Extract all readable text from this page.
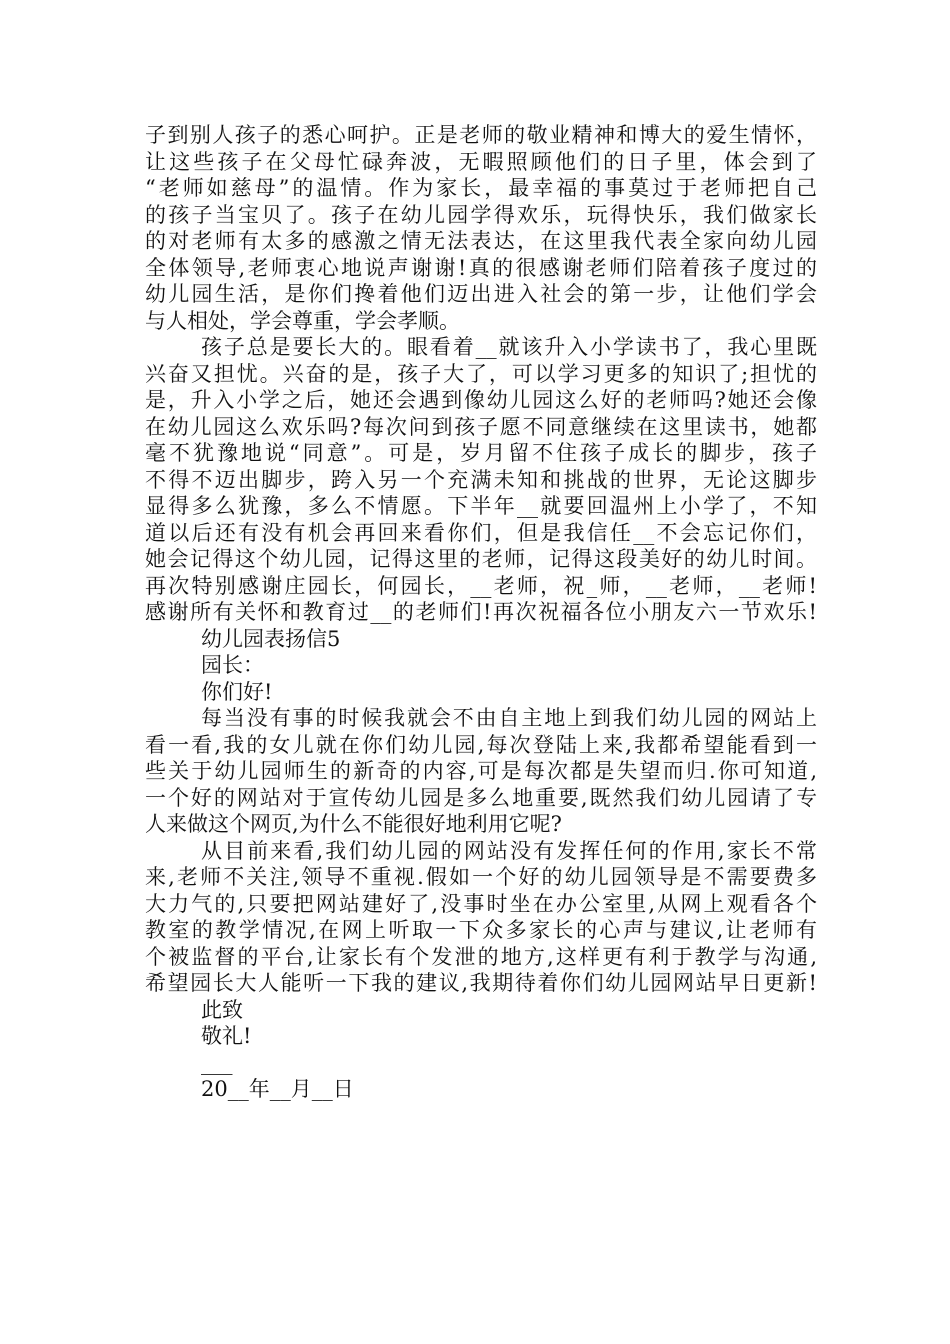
子到别人孩子的悉心呵护。正是老师的敬业精神和博大的爱生情怀，
让这些孩子在父母忙碌奔波，无暇照顾他们的日子里，体会到了
“老师如慈母”的温情。作为家长，最幸福的事莫过于老师把自己
的孩子当宝贝了。孩子在幼儿园学得欢乐，玩得快乐，我们做家长
的对老师有太多的感激之情无法表达，在这里我代表全家向幼儿园
全体领导,老师衷心地说声谢谢!真的很感谢老师们陪着孩子度过的
幼儿园生活，是你们搀着他们迈出进入社会的第一步，让他们学会
与人相处，学会尊重，学会孝顺。
孩子总是要长大的。眼看着__就该升入小学读书了，我心里既
兴奋又担忧。兴奋的是，孩子大了，可以学习更多的知识了;担忧的
是，升入小学之后，她还会遇到像幼儿园这么好的老师吗?她还会像
在幼儿园这么欢乐吗?每次问到孩子愿不同意继续在这里读书，她都
毫不犹豫地说“同意”。可是，岁月留不住孩子成长的脚步，孩子
不得不迈出脚步，跨入另一个充满未知和挑战的世界，无论这脚步
显得多么犹豫，多么不情愿。下半年__就要回温州上小学了，不知
道以后还有没有机会再回来看你们，但是我信任__不会忘记你们，
她会记得这个幼儿园，记得这里的老师，记得这段美好的幼儿时间。
再次特别感谢庄园长，何园长，__老师，祝_师，__老师，__老师!
感谢所有关怀和教育过__的老师们!再次祝福各位小朋友六一节欢乐!
幼儿园表扬信5
园长：
你们好!
每当没有事的时候我就会不由自主地上到我们幼儿园的网站上
看一看,我的女儿就在你们幼儿园,每次登陆上来,我都希望能看到一
些关于幼儿园师生的新奇的内容,可是每次都是失望而归.你可知道,
一个好的网站对于宣传幼儿园是多么地重要,既然我们幼儿园请了专
人来做这个网页,为什么不能很好地利用它呢?
从目前来看,我们幼儿园的网站没有发挥任何的作用,家长不常
来,老师不关注,领导不重视.假如一个好的幼儿园领导是不需要费多
大力气的,只要把网站建好了,没事时坐在办公室里,从网上观看各个
教室的教学情况,在网上听取一下众多家长的心声与建议,让老师有
个被监督的平台,让家长有个发泄的地方,这样更有利于教学与沟通,
希望园长大人能听一下我的建议,我期待着你们幼儿园网站早日更新!
此致
敬礼!
___
20__年__月__日
